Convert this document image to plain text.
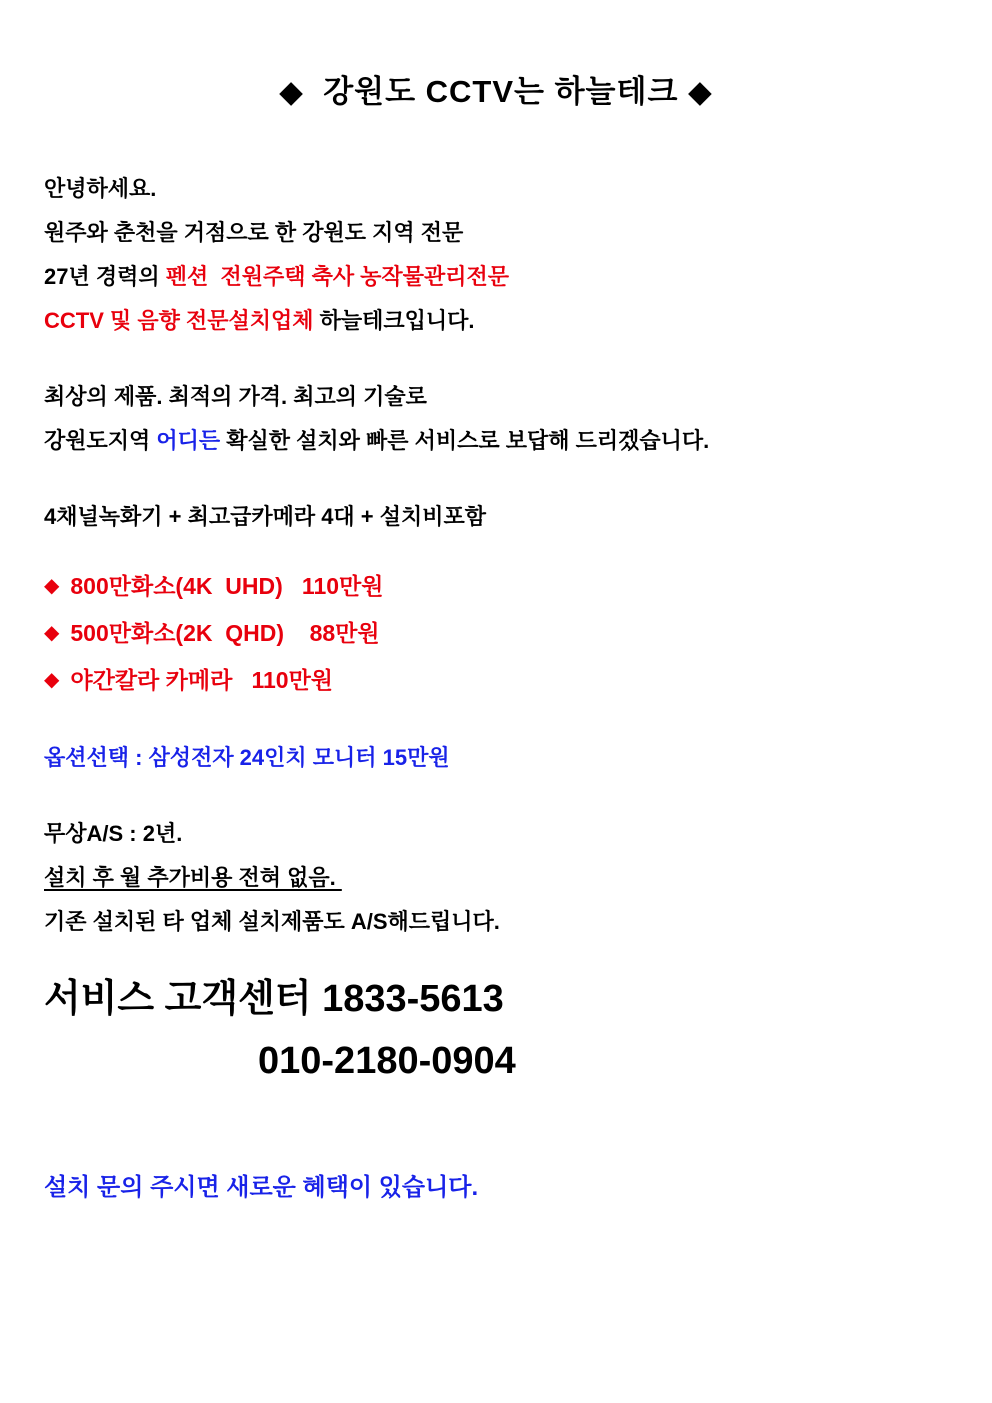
◆  강원도 CCTV는 하늘테크 ◆
안녕하세요.
원주와 춘천을 거점으로 한 강원도 지역 전문
27년 경력의 펜션  전원주택 축사 농작물관리전문
CCTV 및 음향 전문설치업체 하늘테크입니다.
최상의 제품. 최적의 가격. 최고의 기술로
강원도지역 어디든 확실한 설치와 빠른 서비스로 보답해 드리겠습니다.
4채널녹화기 + 최고급카메라 4대 + 설치비포함
◆ 800만화소(4K  UHD) 110만원
◆ 500만화소(2K  QHD) 88만원
◆ 야간칼라 카메라 110만원
옵션선택 : 삼성전자 24인치 모니터 15만원
무상A/S : 2년.
설치 후 월 추가비용 전혀 없음.
기존 설치된 타 업체 설치제품도 A/S해드립니다.
서비스 고객센터 1833-5613
010-2180-0904
설치 문의 주시면 새로운 혜택이 있습니다.
